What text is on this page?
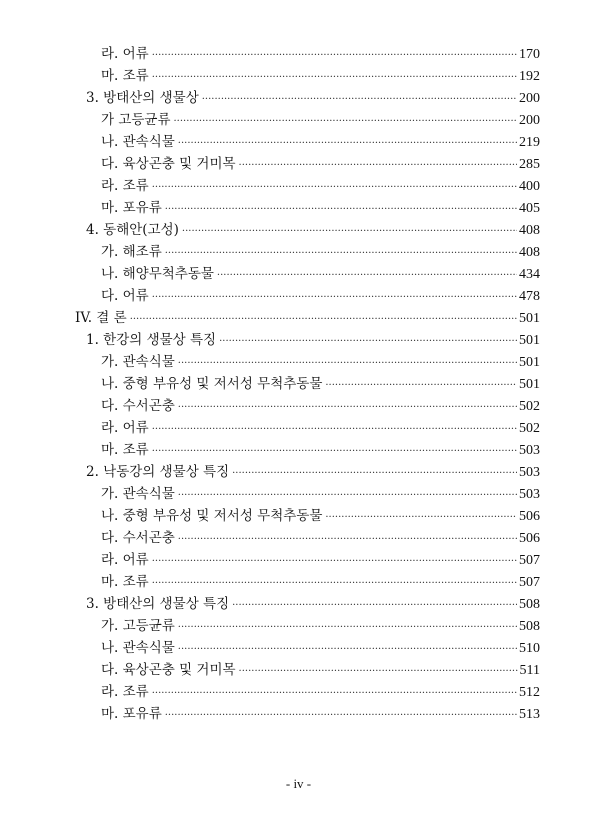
라. 어류 ·····	170
마. 조류 ·····	192
3. 방태산의 생물상 ·····	200
가 고등균류 ·····	200
나. 관속식물 ·····	219
다. 육상곤충 및 거미목 ·····	285
라. 조류 ·····	400
마. 포유류 ·····	405
4. 동해안(고성) ·····	408
가. 해조류 ·····	408
나. 해양무척추동물 ·····	434
다. 어류 ·····	478
IV. 결 론 ·····	501
1. 한강의 생물상 특징 ·····	501
가. 관속식물 ·····	501
나. 중형 부유성 및 저서성 무척추동물 ·····	501
다. 수서곤충 ·····	502
라. 어류 ·····	502
마. 조류 ·····	503
2. 낙동강의 생물상 특징 ·····	503
가. 관속식물 ·····	503
나. 중형 부유성 및 저서성 무척추동물 ·····	506
다. 수서곤충 ·····	506
라. 어류 ·····	507
마. 조류 ·····	507
3. 방태산의 생물상 특징 ·····	508
가. 고등균류 ·····	508
나. 관속식물 ·····	510
다. 육상곤충 및 거미목 ·····	511
라. 조류 ·····	512
마. 포유류 ·····	513
- iv -
